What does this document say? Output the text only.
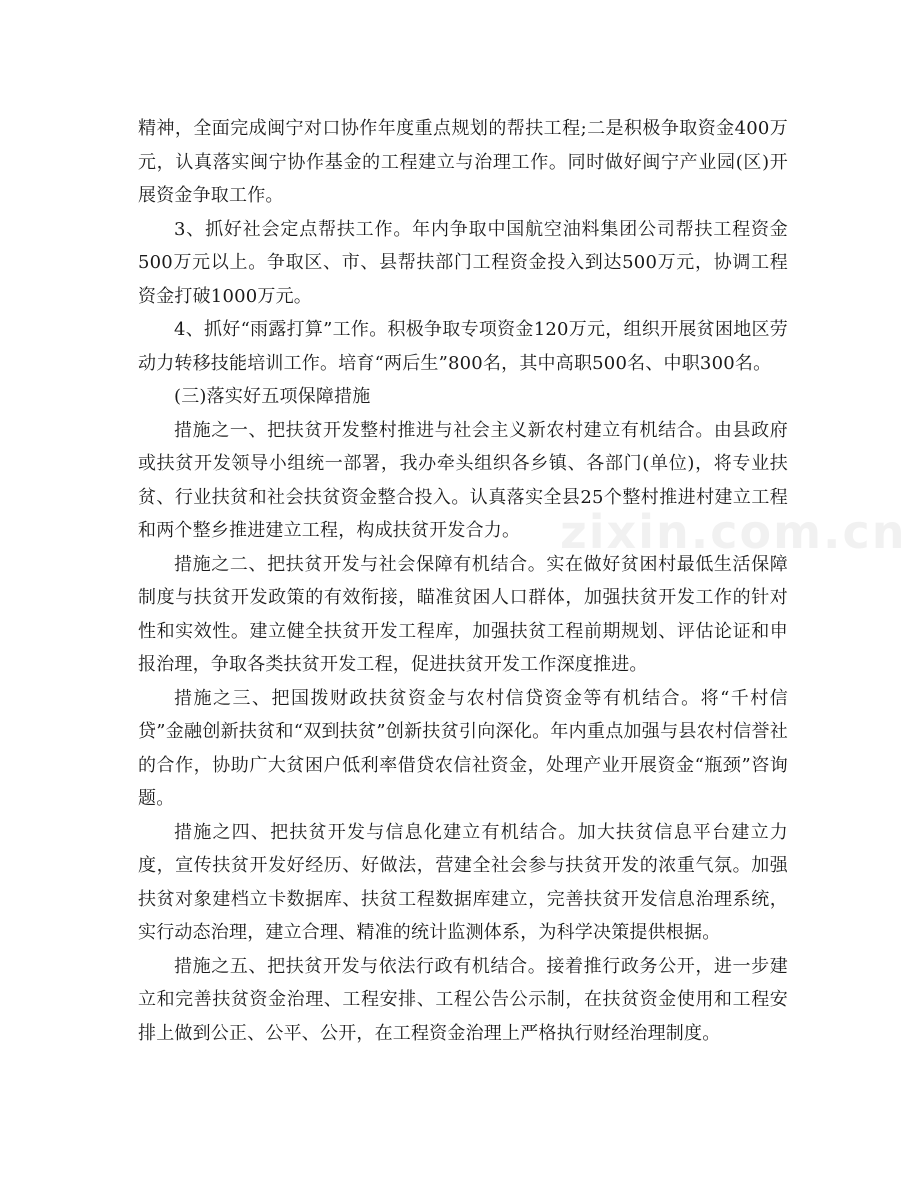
精神，全面完成闽宁对口协作年度重点规划的帮扶工程;二是积极争取资金400万元，认真落实闽宁协作基金的工程建立与治理工作。同时做好闽宁产业园(区)开展资金争取工作。

3、抓好社会定点帮扶工作。年内争取中国航空油料集团公司帮扶工程资金500万元以上。争取区、市、县帮扶部门工程资金投入到达500万元，协调工程资金打破1000万元。

4、抓好“雨露打算”工作。积极争取专项资金120万元，组织开展贫困地区劳动力转移技能培训工作。培育“两后生”800名，其中高职500名、中职300名。

(三)落实好五项保障措施

措施之一、把扶贫开发整村推进与社会主义新农村建立有机结合。由县政府或扶贫开发领导小组统一部署，我办牵头组织各乡镇、各部门(单位)，将专业扶贫、行业扶贫和社会扶贫资金整合投入。认真落实全县25个整村推进村建立工程和两个整乡推进建立工程，构成扶贫开发合力。

措施之二、把扶贫开发与社会保障有机结合。实在做好贫困村最低生活保障制度与扶贫开发政策的有效衔接，瞄准贫困人口群体，加强扶贫开发工作的针对性和实效性。建立健全扶贫开发工程库，加强扶贫工程前期规划、评估论证和申报治理，争取各类扶贫开发工程，促进扶贫开发工作深度推进。

措施之三、把国拨财政扶贫资金与农村信贷资金等有机结合。将“千村信贷”金融创新扶贫和“双到扶贫”创新扶贫引向深化。年内重点加强与县农村信誉社的合作，协助广大贫困户低利率借贷农信社资金，处理产业开展资金“瓶颈”咨询题。

措施之四、把扶贫开发与信息化建立有机结合。加大扶贫信息平台建立力度，宣传扶贫开发好经历、好做法，营建全社会参与扶贫开发的浓重气氛。加强扶贫对象建档立卡数据库、扶贫工程数据库建立，完善扶贫开发信息治理系统，实行动态治理，建立合理、精准的统计监测体系，为科学决策提供根据。

措施之五、把扶贫开发与依法行政有机结合。接着推行政务公开，进一步建立和完善扶贫资金治理、工程安排、工程公告公示制，在扶贫资金使用和工程安排上做到公正、公平、公开，在工程资金治理上严格执行财经治理制度。

zixin.com.cn
